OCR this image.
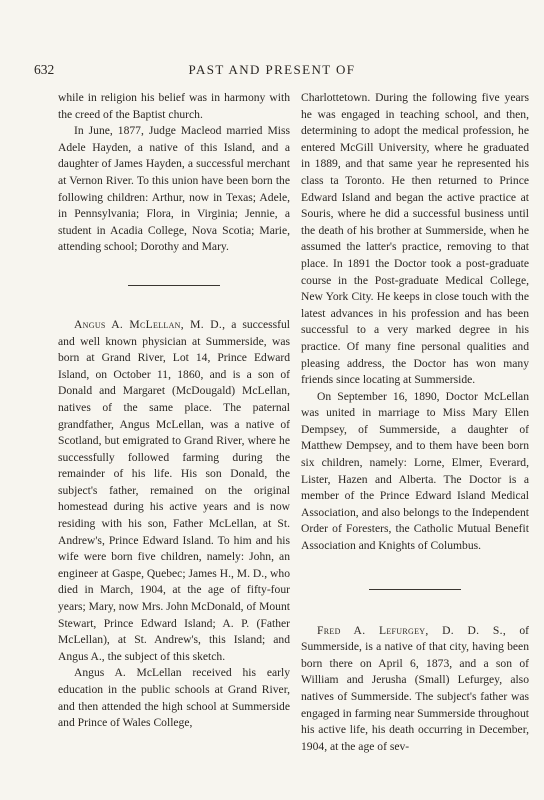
632	PAST AND PRESENT OF

while in religion his belief was in harmony with the creed of the Baptist church.

In June, 1877, Judge Macleod married Miss Adele Hayden, a native of this Island, and a daughter of James Hayden, a successful merchant at Vernon River. To this union have been born the following children: Arthur, now in Texas; Adele, in Pennsylvania; Flora, in Virginia; Jennie, a student in Acadia College, Nova Scotia; Marie, attending school; Dorothy and Mary.

Angus A. McLellan, M. D., a successful and well known physician at Summerside, was born at Grand River, Lot 14, Prince Edward Island, on October 11, 1860, and is a son of Donald and Margaret (McDougald) McLellan, natives of the same place. The paternal grandfather, Angus McLellan, was a native of Scotland, but emigrated to Grand River, where he successfully followed farming during the remainder of his life. His son Donald, the subject's father, remained on the original homestead during his active years and is now residing with his son, Father McLellan, at St. Andrew's, Prince Edward Island. To him and his wife were born five children, namely: John, an engineer at Gaspe, Quebec; James H., M. D., who died in March, 1904, at the age of fifty-four years; Mary, now Mrs. John McDonald, of Mount Stewart, Prince Edward Island; A. P. (Father McLellan), at St. Andrew's, this Island; and Angus A., the subject of this sketch.

Angus A. McLellan received his early education in the public schools at Grand River, and then attended the high school at Summerside and Prince of Wales College,

Charlottetown. During the following five years he was engaged in teaching school, and then, determining to adopt the medical profession, he entered McGill University, where he graduated in 1889, and that same year he represented his class ta Toronto. He then returned to Prince Edward Island and began the active practice at Souris, where he did a successful business until the death of his brother at Summerside, when he assumed the latter's practice, removing to that place. In 1891 the Doctor took a post-graduate course in the Post-graduate Medical College, New York City. He keeps in close touch with the latest advances in his profession and has been successful to a very marked degree in his practice. Of many fine personal qualities and pleasing address, the Doctor has won many friends since locating at Summerside.

On September 16, 1890, Doctor McLellan was united in marriage to Miss Mary Ellen Dempsey, of Summerside, a daughter of Matthew Dempsey, and to them have been born six children, namely: Lorne, Elmer, Everard, Lister, Hazen and Alberta. The Doctor is a member of the Prince Edward Island Medical Association, and also belongs to the Independent Order of Foresters, the Catholic Mutual Benefit Association and Knights of Columbus.

Fred A. Lefurgey, D. D. S., of Summerside, is a native of that city, having been born there on April 6, 1873, and a son of William and Jerusha (Small) Lefurgey, also natives of Summerside. The subject's father was engaged in farming near Summerside throughout his active life, his death occurring in December, 1904, at the age of sev-
